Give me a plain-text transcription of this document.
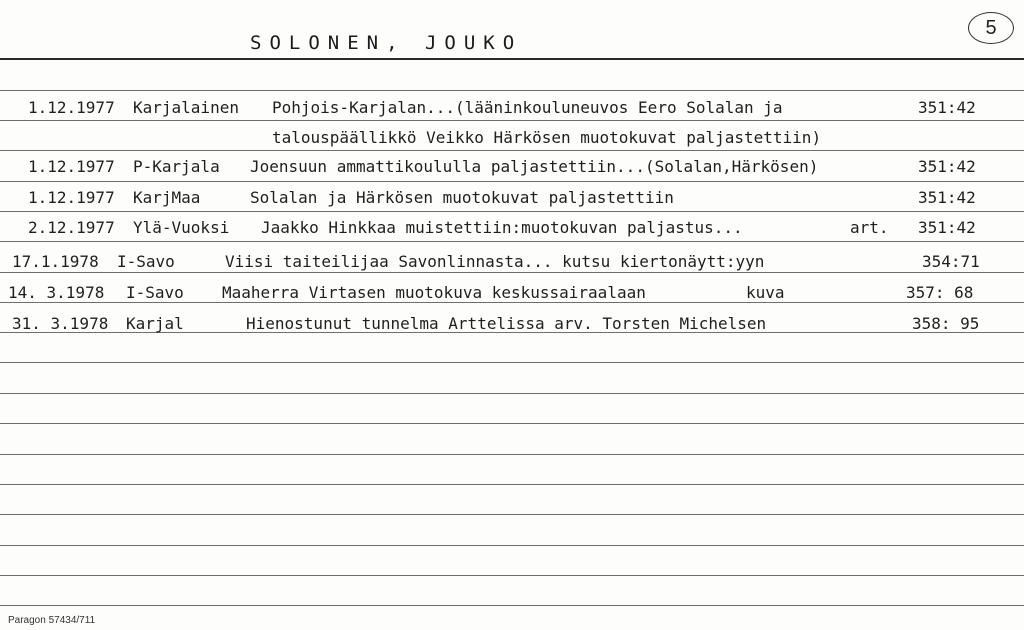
SOLONEN, JOUKO
5
1.12.1977 Karjalainen Pohjois-Karjalan...(lääninkouluneuvos Eero Solalan ja	351:42
talouspäällikkö Veikko Härkösen muotokuvat paljastettiin)
1.12.1977 P-Karjala Joensuun ammattikoululla paljastettiin...(Solalan,Härkösen)	351:42
1.12.1977 KarjMaa	Solalan ja Härkösen muotokuvat paljastettiin	351:42
2.12.1977 Ylä-Vuoksi Jaakko Hinkkaa muistettiin:muotokuvan paljastus...	art. 351:42
17.1.1978 I-Savo	Viisi taiteilijaa Savonlinnasta... kutsu kiertonäytt:yyn	354:71
14. 3.1978 I-Savo Maaherra Virtasen muotokuva keskussairaalaan	kuva	357: 68
31. 3.1978 Karjal	Hienostunut tunnelma Arttelissa arv. Torsten Michelsen	358: 95
Paragon 57434/711
